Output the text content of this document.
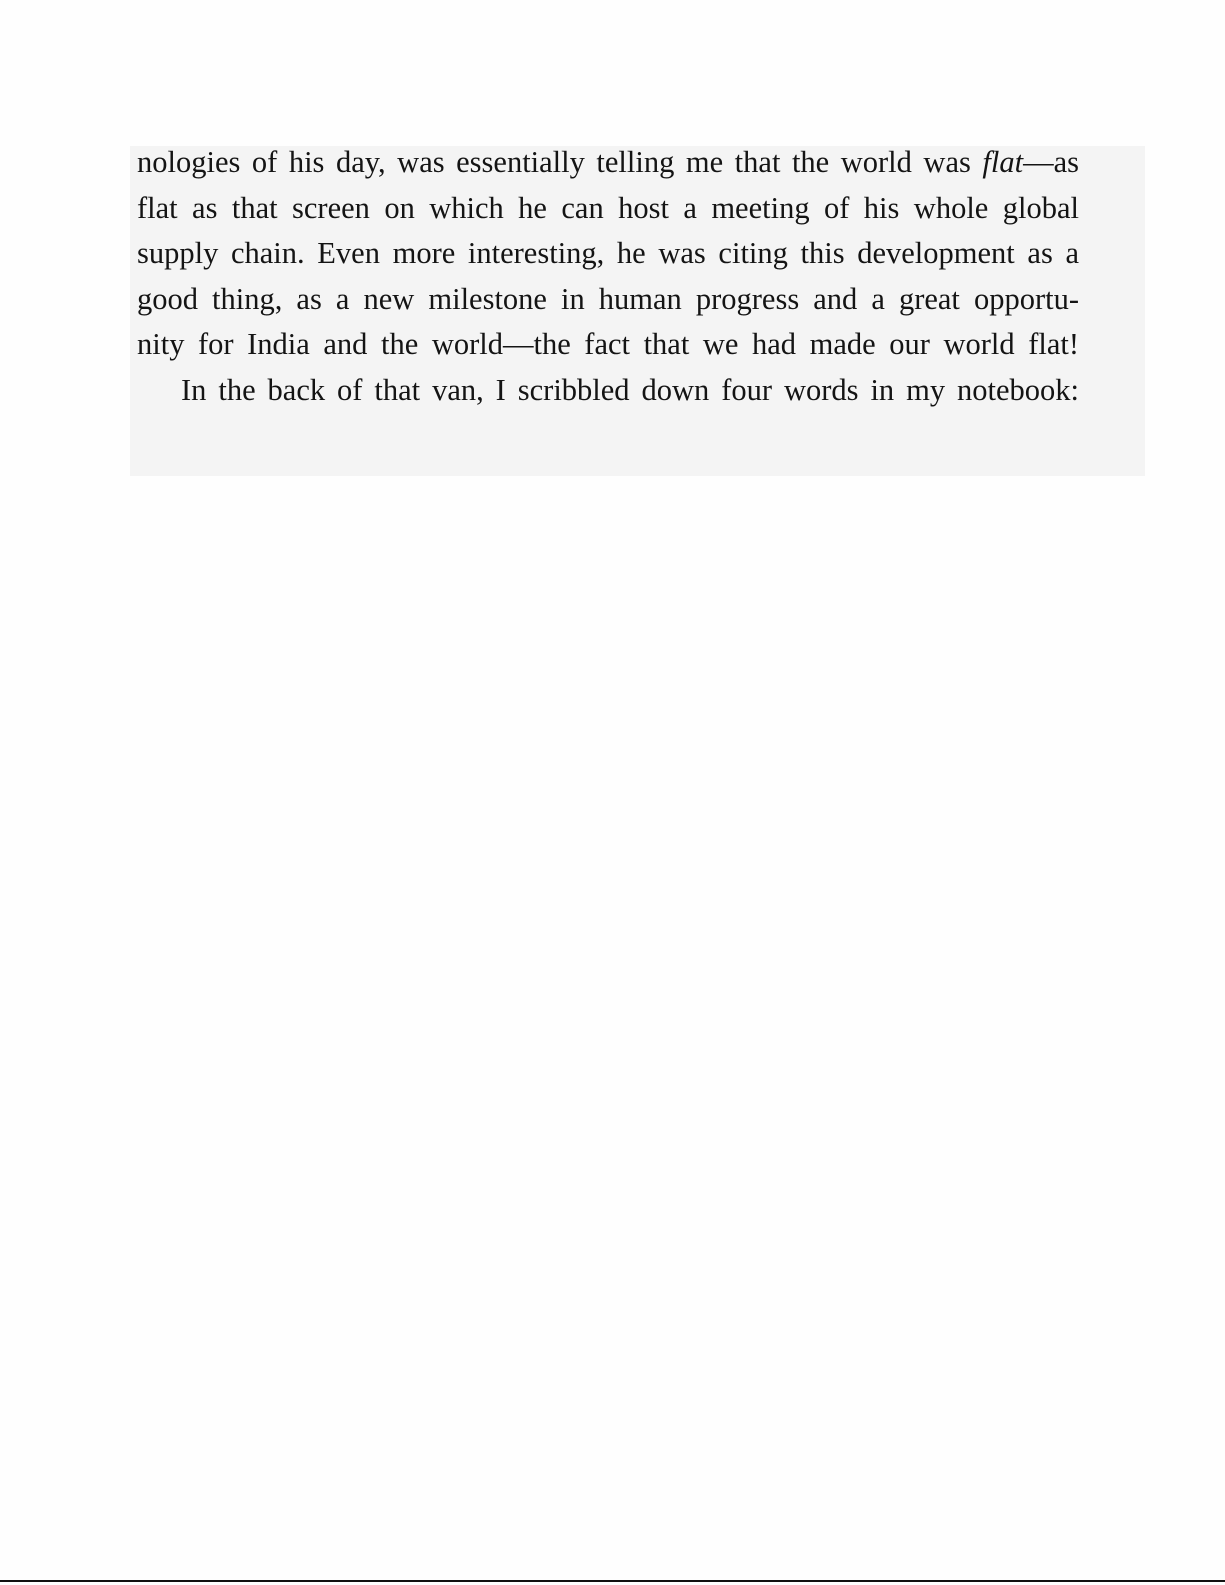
nologies of his day, was essentially telling me that the world was flat—as
flat as that screen on which he can host a meeting of his whole global
supply chain. Even more interesting, he was citing this development as a
good thing, as a new milestone in human progress and a great opportu-
nity for India and the world—the fact that we had made our world flat!
In the back of that van, I scribbled down four words in my notebook:
